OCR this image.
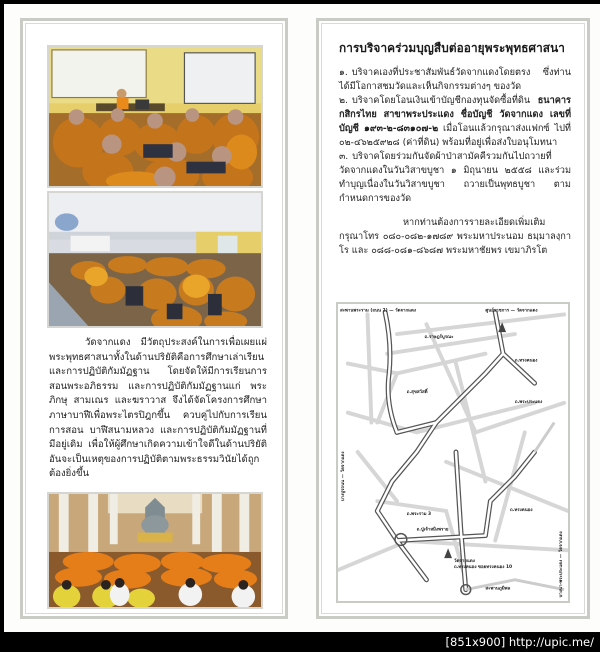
วัดจากแดง มีวัตถุประสงค์ในการเพื่อเผยแผ่พระพุทธศาสนาทั้งในด้านปริยัติคือการศึกษาเล่าเรียนและการปฏิบัติกัมมัฏฐาน โดยจัดให้มีการเรียนการสอนพระอภิธรรม และการปฏิบัติกัมมัฏฐานแก่ พระภิกษุ สามเณร และฆราวาส จึงได้จัดโครงการศึกษาภาษาบาฬีเพื่อพระไตรปิฎกขึ้น ควบคู่ไปกับการเรียนการสอน บาฬีสนามหลวง และการปฏิบัติกัมมัฏฐานที่มีอยู่เดิม เพื่อให้ผู้ศึกษาเกิดความเข้าใจดีในด้านปริยัติอันจะเป็นเหตุของการปฏิบัติตามพระธรรมวินัยได้ถูกต้องยิ่งขึ้น
การบริจาคร่วมบุญสืบต่ออายุพระพุทธศาสนา
๑. บริจาคเองที่ประชาสัมพันธ์วัดจากแดงโดยตรง ซึ่งท่านได้มีโอกาสชมวัดและเห็นกิจกรรมต่างๆ ของวัด
๒. บริจาคโดยโอนเงินเข้าบัญชีกองทุนจัดซื้อที่ดิน ธนาคารกสิกรไทย สาขาพระประแดง ชื่อบัญชี วัดจากแดง เลขที่บัญชี ๑๙๓-๒-๘๓๑๐๗-๒ เมื่อโอนแล้วกรุณาส่งแฟกซ์ ไปที่ ๐๒-๔๖๒๕๙๒๘ (ค่าที่ดิน) พร้อมที่อยู่เพื่อส่งใบอนุโมทนา
๓. บริจาคโดยร่วมกันจัดผ้าป่าสามัคคีรวมกันไปถวายที่วัดจากแดงในวันวิสาขบูชา ๑ มิถุนายน ๒๕๕๘ และร่วมทำบุญเนื่องในวันวิสาขบูชา ถวายเป็นพุทธบูชา ตามกำหนดการของวัด
หากท่านต้องการรายละเอียดเพิ่มเติม กรุณาโทร ๐๘๐-๐๘๒-๑๗๘๙ พระมหาประนอม ธมฺมาลงฺกาโร และ ๐๘๘-๐๘๑-๘๖๘๗ พระมหาชัยพร เขมาภิรโต
สะพานพระราม (ถนน 2) — วัดจากแดง	ศูนย์ราชการ — วัดจากแดง
ถ.ราษฎร์บูรณะ
ถ.สุขสวัสดิ์
ถ.ทรงคนอง
ถ.พระประแดง
ถ.พระราม 3
วัดจากแดง
ถ.ทรงคนอง ซอยทรงคนอง 10
ถ.ปู่เจ้าสมิงพราย
สะพานภูมิพล
ถ.ทรงคนอง
บางปูรถนน — วัดจากแดง
บางนา-พระประแดง — วัดจากแดง
[851x900] http://upic.me/
